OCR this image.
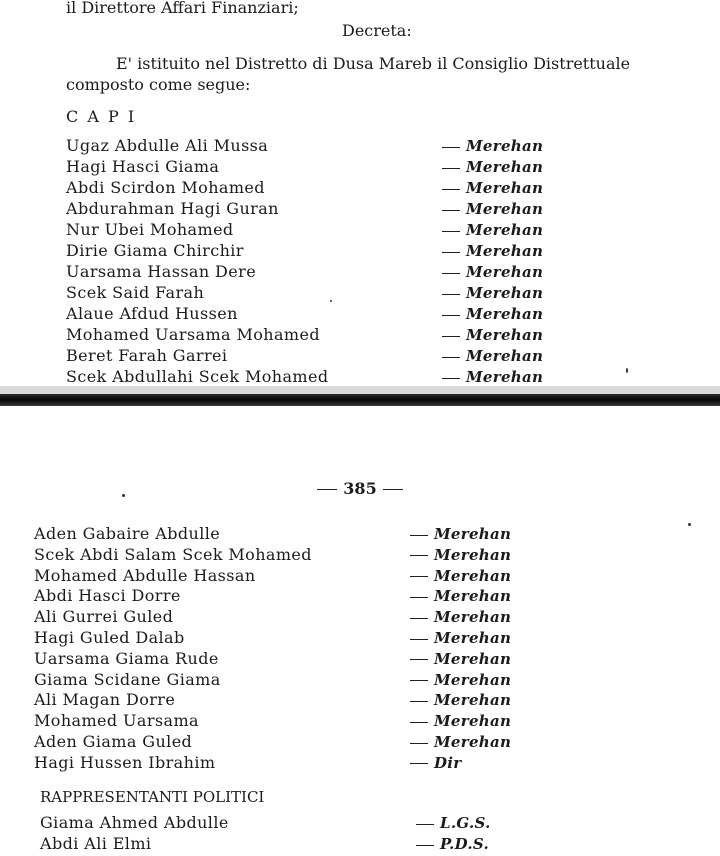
il Direttore Affari Finanziari;
Decreta:
E' istituito nel Distretto di Dusa Mareb il Consiglio Distrettuale
composto come segue:
C A P I
Ugaz Abdulle Ali Mussa	Merehan
Hagi Hasci Giama	Merehan
Abdi Scirdon Mohamed	Merehan
Abdurahman Hagi Guran	Merehan
Nur Ubei Mohamed	Merehan
Dirie Giama Chirchir	Merehan
Uarsama Hassan Dere	Merehan
Scek Said Farah	Merehan
Alaue Afdud Hussen	Merehan
Mohamed Uarsama Mohamed	Merehan
Beret Farah Garrei	Merehan
Scek Abdullahi Scek Mohamed	Merehan
385
Aden Gabaire Abdulle	Merehan
Scek Abdi Salam Scek Mohamed	Merehan
Mohamed Abdulle Hassan	Merehan
Abdi Hasci Dorre	Merehan
Ali Gurrei Guled	Merehan
Hagi Guled Dalab	Merehan
Uarsama Giama Rude	Merehan
Giama Scidane Giama	Merehan
Ali Magan Dorre	Merehan
Mohamed Uarsama	Merehan
Aden Giama Guled	Merehan
Hagi Hussen Ibrahim	Dir
RAPPRESENTANTI POLITICI
Giama Ahmed Abdulle	L.G.S.
Abdi Ali Elmi	P.D.S.
